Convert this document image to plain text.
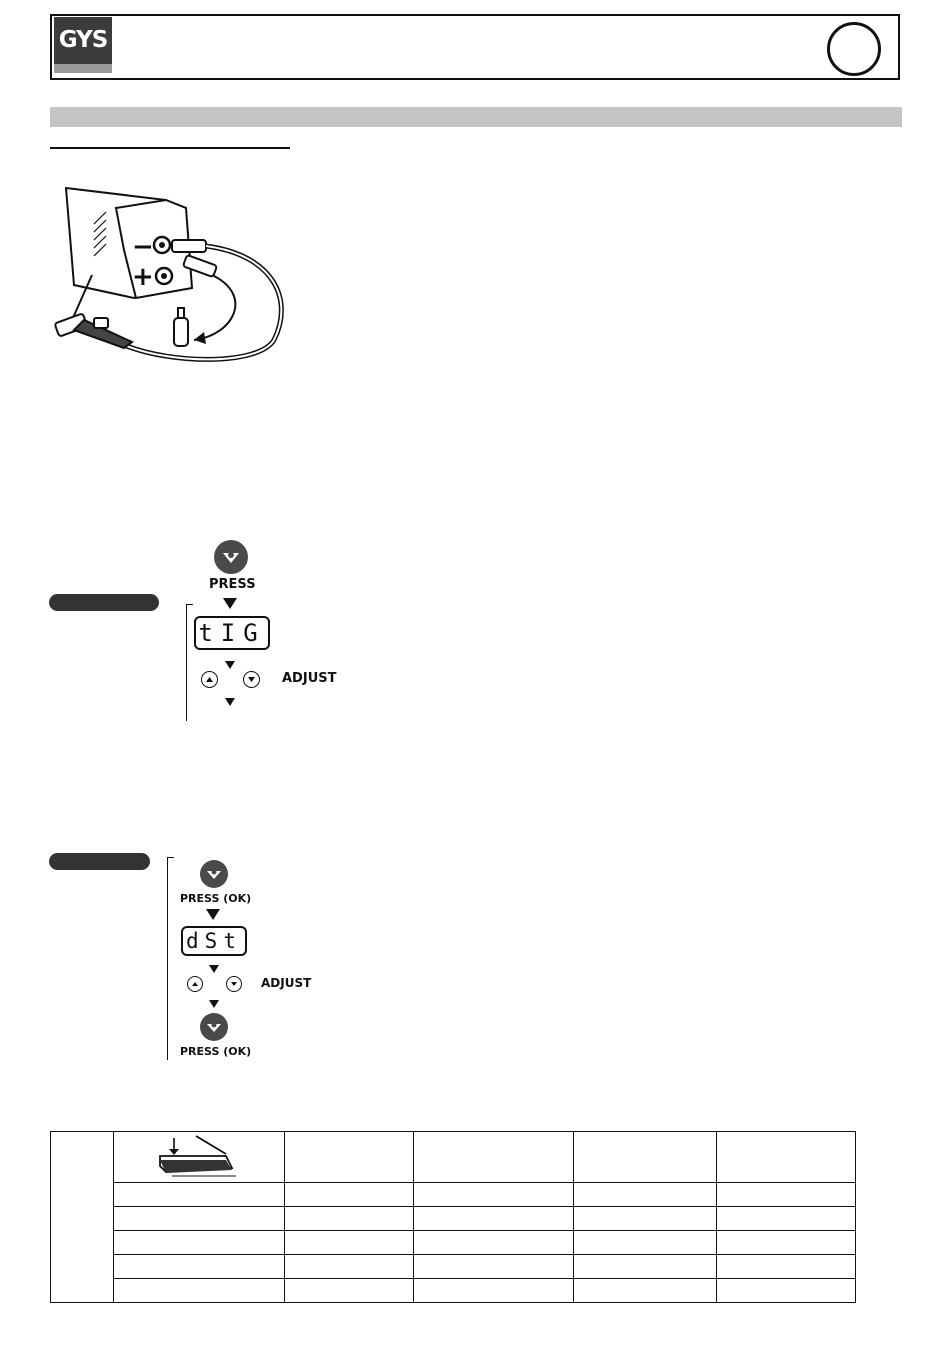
GYS
−
+
PRESS
tIG
ADJUST
PRESS (OK)
dSt
ADJUST
PRESS (OK)
